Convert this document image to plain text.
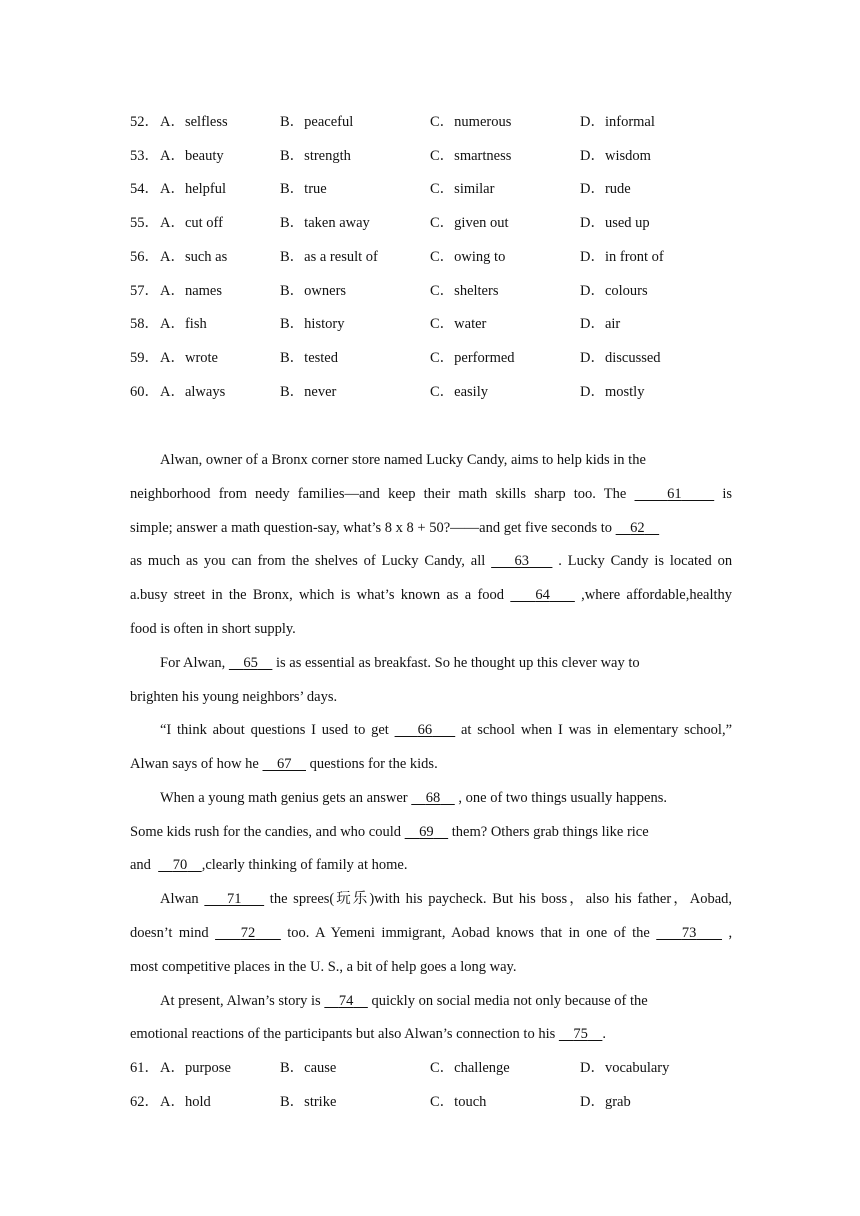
52． A．selfless	B．peaceful	C．numerous	D．informal
53． A．beauty	B．strength	C．smartness	D．wisdom
54． A．helpful	B．true	C．similar	D．rude
55． A．cut off	B．taken away	C．given out	D．used up
56． A．such as	B．as a result of	C．owing to	D．in front of
57． A．names	B．owners	C．shelters	D．colours
58． A．fish	B．history	C．water	D．air
59． A．wrote	B．tested	C．performed	D．discussed
60． A．always	B．never	C．easily	D．mostly
Alwan, owner of a Bronx corner store named Lucky Candy, aims to help kids in the
neighborhood from needy families—and keep their math skills sharp too. The	61	is
simple; answer a math question-say, what’s 8 x 8 + 50?——and get five seconds to 62
as much as you can from the shelves of Lucky Candy, all 63 . Lucky Candy is located on
a.busy street in the Bronx, which is what’s known as a food 64 ,where affordable,healthy
food is often in short supply.
For Alwan, 65 is as essential as breakfast. So he thought up this clever way to
brighten his young neighbors’ days.
“I think about questions I used to get 66 at school when I was in elementary school,”
Alwan says of how he 67 questions for the kids.
When a young math genius gets an answer 68 , one of two things usually happens.
Some kids rush for the candies, and who could 69 them? Others grab things like rice
and 70 ,clearly thinking of family at home.
Alwan 71 the sprees(玩乐)with his paycheck. But his boss，also his father，Aobad,
doesn’t mind 72 too. A Yemeni immigrant, Aobad knows that in one of the 73 ,
most competitive places in the U. S., a bit of help goes a long way.
At present, Alwan’s story is 74 quickly on social media not only because of the
emotional reactions of the participants but also Alwan’s connection to his 75 .
61． A．purpose	B．cause	C．challenge	D．vocabulary
62． A．hold	B．strike	C．touch	D．grab
